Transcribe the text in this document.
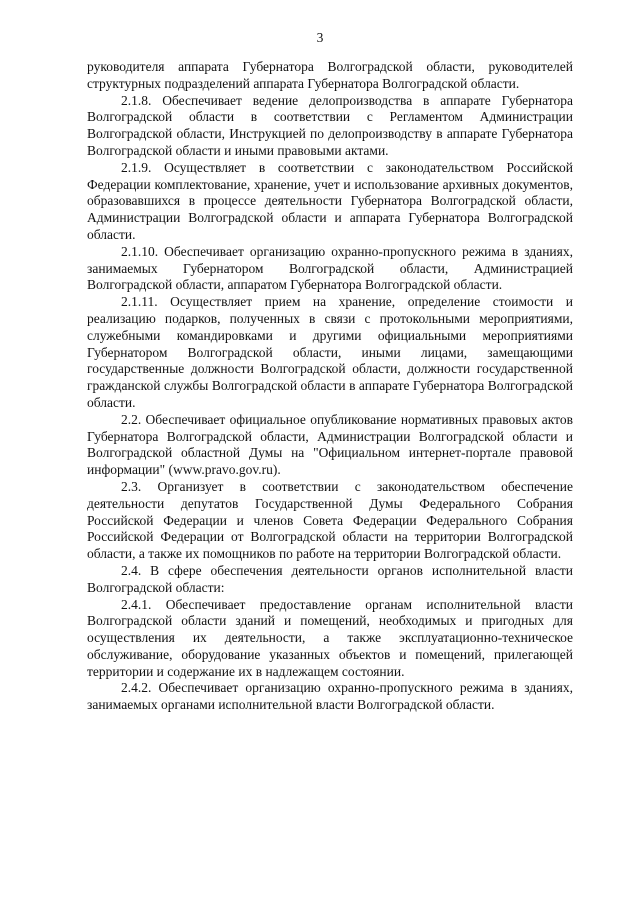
3

руководителя аппарата Губернатора Волгоградской области, руководителей структурных подразделений аппарата Губернатора Волгоградской области.

2.1.8. Обеспечивает ведение делопроизводства в аппарате Губернатора Волгоградской области в соответствии с Регламентом Администрации Волгоградской области, Инструкцией по делопроизводству в аппарате Губернатора Волгоградской области и иными правовыми актами.

2.1.9. Осуществляет в соответствии с законодательством Российской Федерации комплектование, хранение, учет и использование архивных документов, образовавшихся в процессе деятельности Губернатора Волгоградской области, Администрации Волгоградской области и аппарата Губернатора Волгоградской области.

2.1.10. Обеспечивает организацию охранно-пропускного режима в зданиях, занимаемых Губернатором Волгоградской области, Администрацией Волгоградской области, аппаратом Губернатора Волгоградской области.

2.1.11. Осуществляет прием на хранение, определение стоимости и реализацию подарков, полученных в связи с протокольными мероприятиями, служебными командировками и другими официальными мероприятиями Губернатором Волгоградской области, иными лицами, замещающими государственные должности Волгоградской области, должности государственной гражданской службы Волгоградской области в аппарате Губернатора Волгоградской области.

2.2. Обеспечивает официальное опубликование нормативных правовых актов Губернатора Волгоградской области, Администрации Волгоградской области и Волгоградской областной Думы на "Официальном интернет-портале правовой информации" (www.pravo.gov.ru).

2.3. Организует в соответствии с законодательством обеспечение деятельности депутатов Государственной Думы Федерального Собрания Российской Федерации и членов Совета Федерации Федерального Собрания Российской Федерации от Волгоградской области на территории Волгоградской области, а также их помощников по работе на территории Волгоградской области.

2.4. В сфере обеспечения деятельности органов исполнительной власти Волгоградской области:

2.4.1. Обеспечивает предоставление органам исполнительной власти Волгоградской области зданий и помещений, необходимых и пригодных для осуществления их деятельности, а также эксплуатационно-техническое обслуживание, оборудование указанных объектов и помещений, прилегающей территории и содержание их в надлежащем состоянии.

2.4.2. Обеспечивает организацию охранно-пропускного режима в зданиях, занимаемых органами исполнительной власти Волгоградской области.
